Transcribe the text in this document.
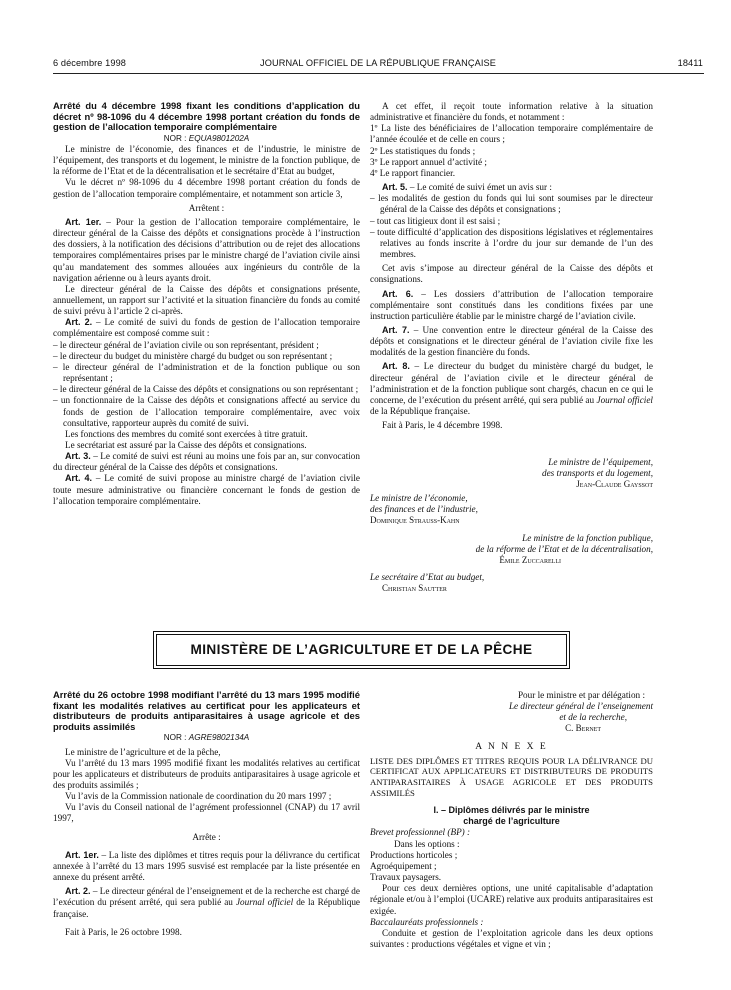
6 décembre 1998	JOURNAL OFFICIEL DE LA RÉPUBLIQUE FRANÇAISE	18411

Arrêté du 4 décembre 1998 fixant les conditions d’application du décret nº 98-1096 du 4 décembre 1998 portant création du fonds de gestion de l’allocation temporaire complémentaire

NOR : EQUA9801202A

Le ministre de l’économie, des finances et de l’industrie, le ministre de l’équipement, des transports et du logement, le ministre de la fonction publique, de la réforme de l’Etat et de la décentralisation et le secrétaire d’Etat au budget,

Vu le décret nº 98-1096 du 4 décembre 1998 portant création du fonds de gestion de l’allocation temporaire complémentaire, et notamment son article 3,

Arrêtent :

Art. 1er. – Pour la gestion de l’allocation temporaire complémentaire, le directeur général de la Caisse des dépôts et consignations procède à l’instruction des dossiers, à la notification des décisions d’attribution ou de rejet des allocations temporaires complémentaires prises par le ministre chargé de l’aviation civile ainsi qu’au mandatement des sommes allouées aux ingénieurs du contrôle de la navigation aérienne ou à leurs ayants droit.

Le directeur général de la Caisse des dépôts et consignations présente, annuellement, un rapport sur l’activité et la situation financière du fonds au comité de suivi prévu à l’article 2 ci-après.

Art. 2. – Le comité de suivi du fonds de gestion de l’allocation temporaire complémentaire est composé comme suit :

– le directeur général de l’aviation civile ou son représentant, président ;

– le directeur du budget du ministère chargé du budget ou son représentant ;

– le directeur général de l’administration et de la fonction publique ou son représentant ;

– le directeur général de la Caisse des dépôts et consignations ou son représentant ;

– un fonctionnaire de la Caisse des dépôts et consignations affecté au service du fonds de gestion de l’allocation temporaire complémentaire, avec voix consultative, rapporteur auprès du comité de suivi.

Les fonctions des membres du comité sont exercées à titre gratuit.

Le secrétariat est assuré par la Caisse des dépôts et consignations.

Art. 3. – Le comité de suivi est réuni au moins une fois par an, sur convocation du directeur général de la Caisse des dépôts et consignations.

Art. 4. – Le comité de suivi propose au ministre chargé de l’aviation civile toute mesure administrative ou financière concernant le fonds de gestion de l’allocation temporaire complémentaire.

A cet effet, il reçoit toute information relative à la situation administrative et financière du fonds, et notamment :

1º La liste des bénéficiaires de l’allocation temporaire complémentaire de l’année écoulée et de celle en cours ;

2º Les statistiques du fonds ;

3º Le rapport annuel d’activité ;

4º Le rapport financier.

Art. 5. – Le comité de suivi émet un avis sur :

– les modalités de gestion du fonds qui lui sont soumises par le directeur général de la Caisse des dépôts et consignations ;

– tout cas litigieux dont il est saisi ;

– toute difficulté d’application des dispositions législatives et réglementaires relatives au fonds inscrite à l’ordre du jour sur demande de l’un des membres.

Cet avis s’impose au directeur général de la Caisse des dépôts et consignations.

Art. 6. – Les dossiers d’attribution de l’allocation temporaire complémentaire sont constitués dans les conditions fixées par une instruction particulière établie par le ministre chargé de l’aviation civile.

Art. 7. – Une convention entre le directeur général de la Caisse des dépôts et consignations et le directeur général de l’aviation civile fixe les modalités de la gestion financière du fonds.

Art. 8. – Le directeur du budget du ministère chargé du budget, le directeur général de l’aviation civile et le directeur général de l’administration et de la fonction publique sont chargés, chacun en ce qui le concerne, de l’exécution du présent arrêté, qui sera publié au Journal officiel de la République française.

Fait à Paris, le 4 décembre 1998.

Le ministre de l’équipement,

des transports et du logement,

Jean-Claude Gayssot

Le ministre de l’économie,

des finances et de l’industrie,

Dominique Strauss-Kahn

Le ministre de la fonction publique,

de la réforme de l’Etat et de la décentralisation,

Émile Zuccarelli

Le secrétaire d’Etat au budget,

Christian Sautter

MINISTÈRE DE L’AGRICULTURE ET DE LA PÊCHE

Arrêté du 26 octobre 1998 modifiant l’arrêté du 13 mars 1995 modifié fixant les modalités relatives au certificat pour les applicateurs et distributeurs de produits antiparasitaires à usage agricole et des produits assimilés

NOR : AGRE9802134A

Le ministre de l’agriculture et de la pêche,

Vu l’arrêté du 13 mars 1995 modifié fixant les modalités relatives au certificat pour les applicateurs et distributeurs de produits antiparasitaires à usage agricole et des produits assimilés ;

Vu l’avis de la Commission nationale de coordination du 20 mars 1997 ;

Vu l’avis du Conseil national de l’agrément professionnel (CNAP) du 17 avril 1997,

Arrête :

Art. 1er. – La liste des diplômes et titres requis pour la délivrance du certificat annexée à l’arrêté du 13 mars 1995 susvisé est remplacée par la liste présentée en annexe du présent arrêté.

Art. 2. – Le directeur général de l’enseignement et de la recherche est chargé de l’exécution du présent arrêté, qui sera publié au Journal officiel de la République française.

Fait à Paris, le 26 octobre 1998.

Pour le ministre et par délégation :

Le directeur général de l’enseignement

et de la recherche,

C. Bernet

A N N E X E

LISTE DES DIPLÔMES ET TITRES REQUIS POUR LA DÉLIVRANCE DU CERTIFICAT AUX APPLICATEURS ET DISTRIBUTEURS DE PRODUITS ANTIPARASITAIRES À USAGE AGRICOLE ET DES PRODUITS ASSIMILÉS

I. – Diplômes délivrés par le ministre

chargé de l’agriculture

Brevet professionnel (BP) :

Dans les options :

Productions horticoles ;

Agroéquipement ;

Travaux paysagers.

Pour ces deux dernières options, une unité capitalisable d’adaptation régionale et/ou à l’emploi (UCARE) relative aux produits antiparasitaires est exigée.

Baccalauréats professionnels :

Conduite et gestion de l’exploitation agricole dans les deux options suivantes : productions végétales et vigne et vin ;
